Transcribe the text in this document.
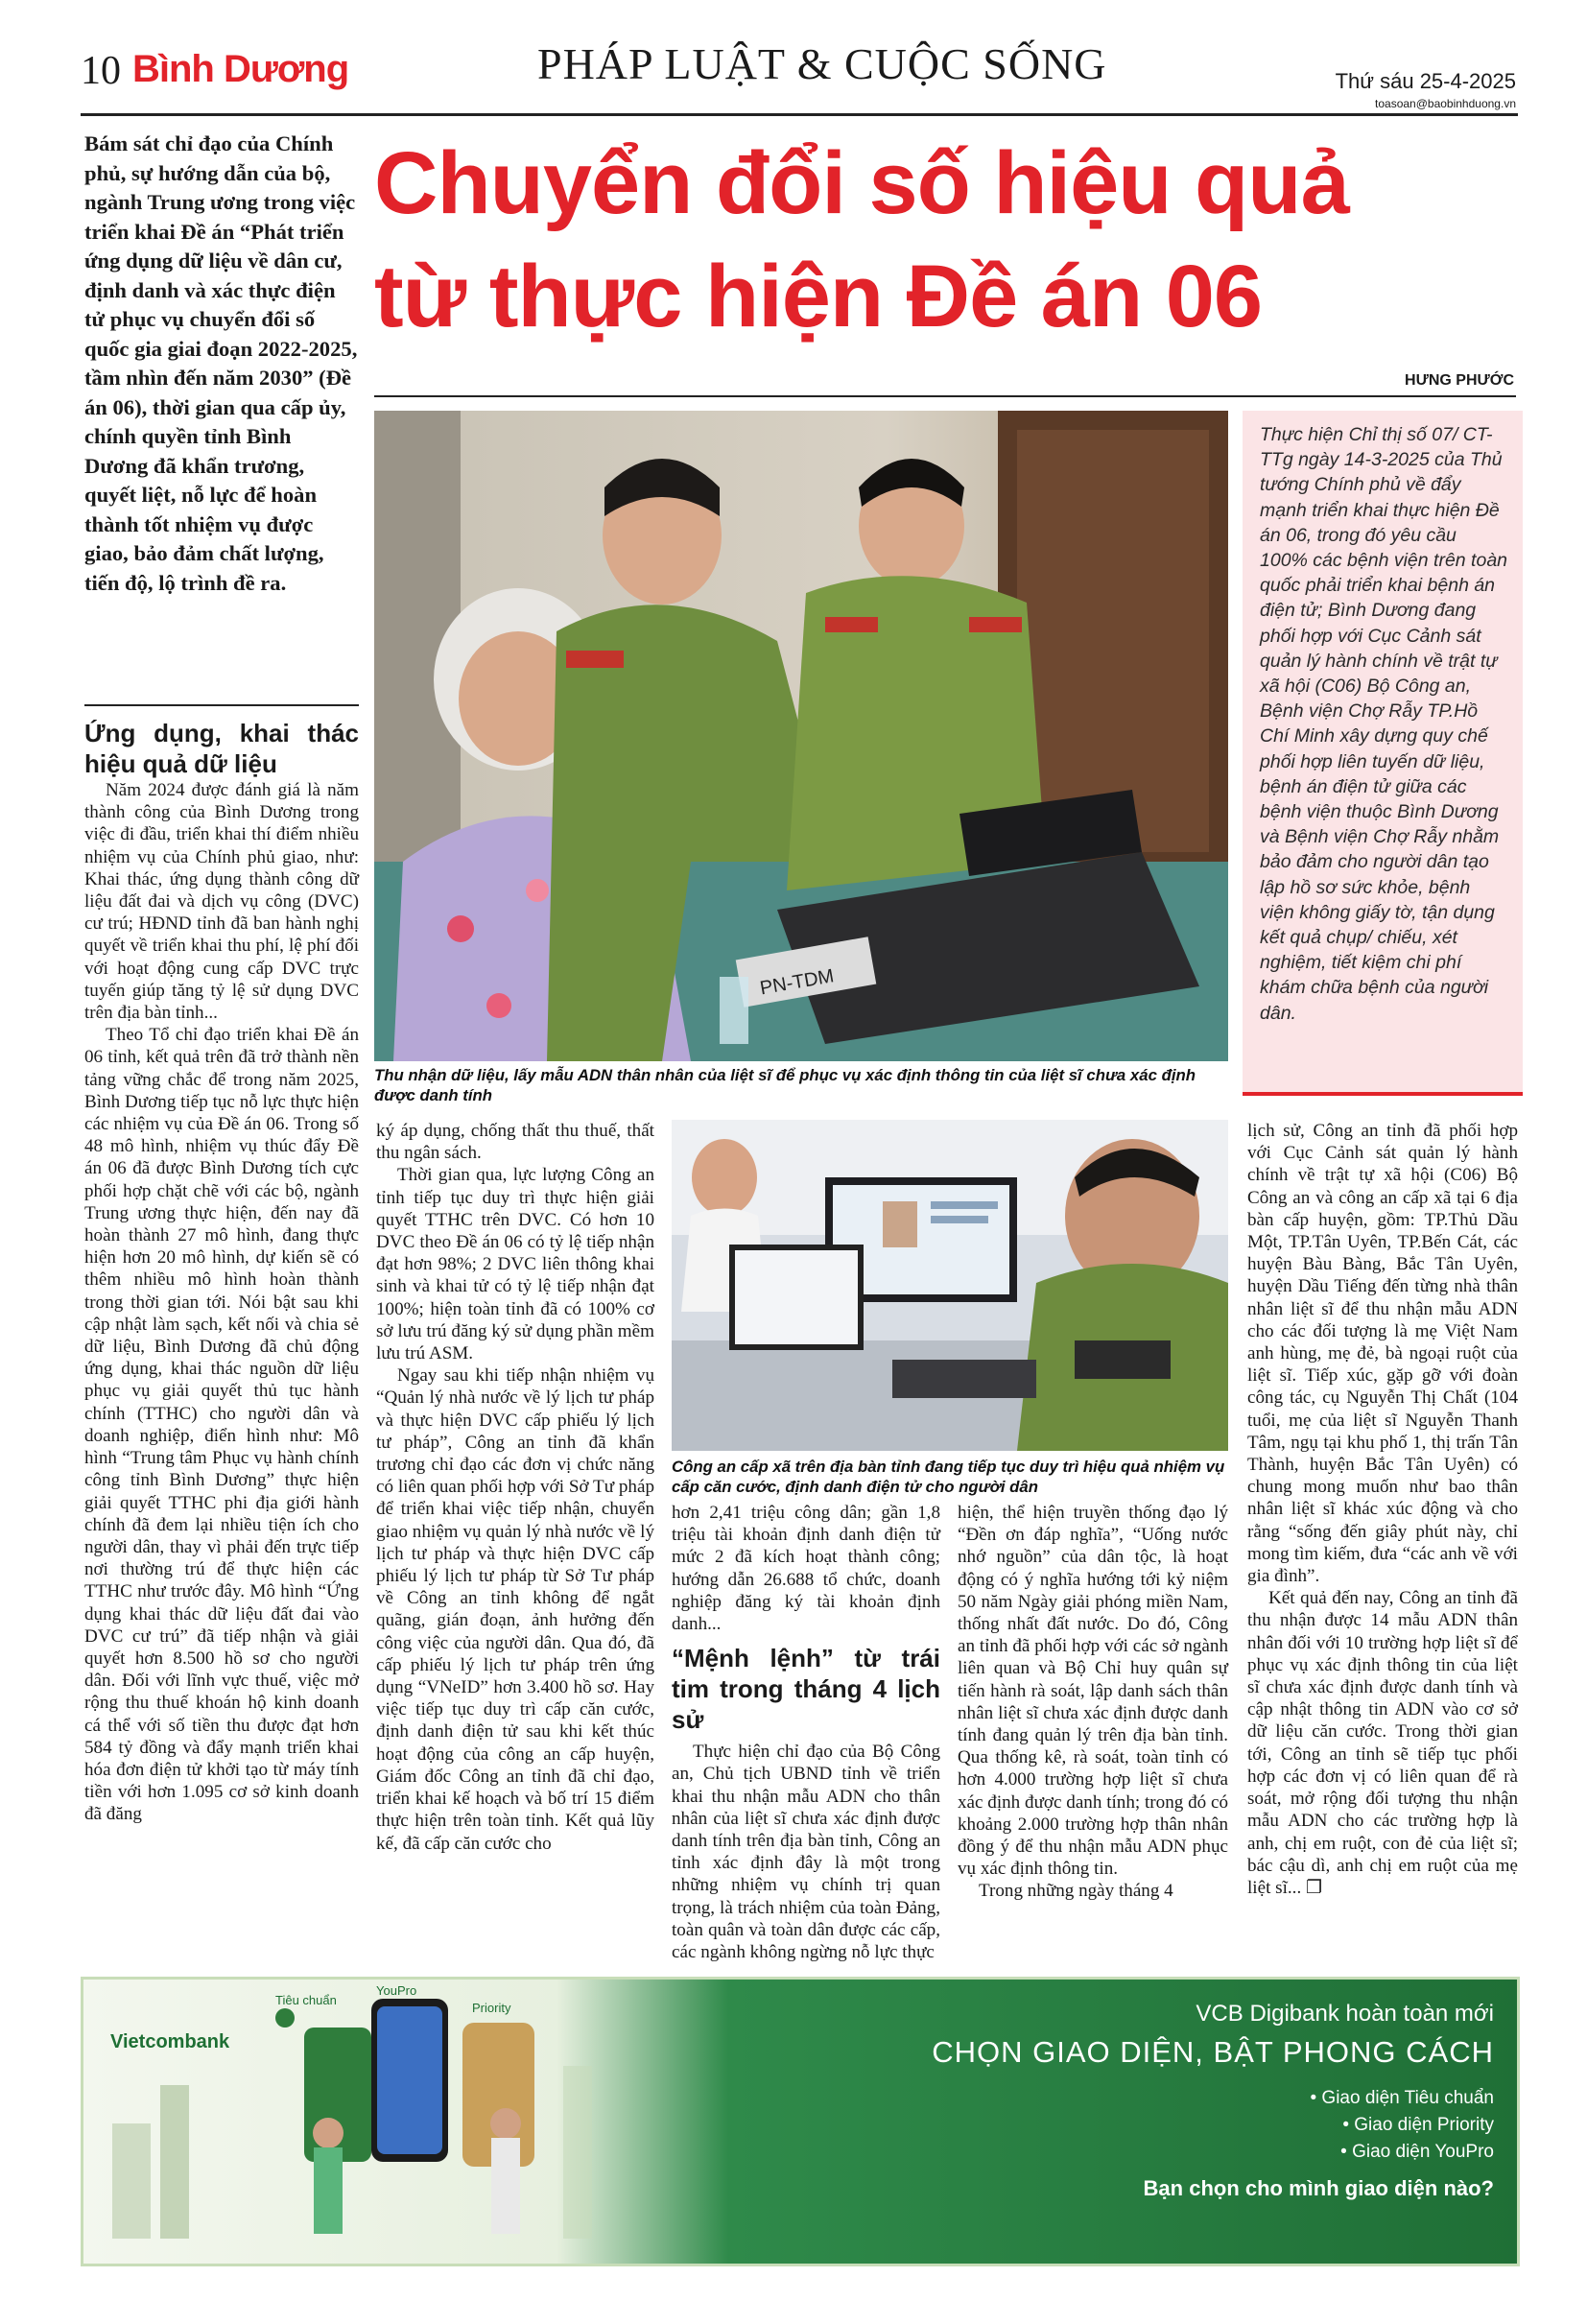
10 Bình Dương	PHÁP LUẬT & CUỘC SỐNG	Thứ sáu 25-4-2025
toasoan@baobinhduong.vn
Bám sát chỉ đạo của Chính phủ, sự hướng dẫn của bộ, ngành Trung ương trong việc triển khai Đề án “Phát triển ứng dụng dữ liệu về dân cư, định danh và xác thực điện tử phục vụ chuyển đổi số quốc gia giai đoạn 2022-2025, tầm nhìn đến năm 2030” (Đề án 06), thời gian qua cấp ủy, chính quyền tỉnh Bình Dương đã khẩn trương, quyết liệt, nỗ lực để hoàn thành tốt nhiệm vụ được giao, bảo đảm chất lượng, tiến độ, lộ trình đề ra.
Chuyển đổi số hiệu quả
từ thực hiện Đề án 06
HƯNG PHƯỚC
PN-TDM
Thu nhận dữ liệu, lấy mẫu ADN thân nhân của liệt sĩ để phục vụ xác định thông tin của liệt sĩ chưa xác định được danh tính
Thực hiện Chỉ thị số 07/ CT-TTg ngày 14-3-2025 của Thủ tướng Chính phủ về đẩy mạnh triển khai thực hiện Đề án 06, trong đó yêu cầu 100% các bệnh viện trên toàn quốc phải triển khai bệnh án điện tử; Bình Dương đang phối hợp với Cục Cảnh sát quản lý hành chính về trật tự xã hội (C06) Bộ Công an, Bệnh viện Chợ Rẫy TP.Hồ Chí Minh xây dựng quy chế phối hợp liên tuyến dữ liệu, bệnh án điện tử giữa các bệnh viện thuộc Bình Dương và Bệnh viện Chợ Rẫy nhằm bảo đảm cho người dân tạo lập hồ sơ sức khỏe, bệnh viện không giấy tờ, tận dụng kết quả chụp/ chiếu, xét nghiệm, tiết kiệm chi phí khám chữa bệnh của người dân.
Công an cấp xã trên địa bàn tỉnh đang tiếp tục duy trì hiệu quả nhiệm vụ cấp căn cước, định danh điện tử cho người dân
Ứng dụng, khai thác hiệu quả dữ liệu

Năm 2024 được đánh giá là năm thành công của Bình Dương trong việc đi đầu, triển khai thí điểm nhiều nhiệm vụ của Chính phủ giao, như: Khai thác, ứng dụng thành công dữ liệu đất đai và dịch vụ công (DVC) cư trú; HĐND tỉnh đã ban hành nghị quyết về triển khai thu phí, lệ phí đối với hoạt động cung cấp DVC trực tuyến giúp tăng tỷ lệ sử dụng DVC trên địa bàn tỉnh...

Theo Tổ chỉ đạo triển khai Đề án 06 tỉnh, kết quả trên đã trở thành nền tảng vững chắc để trong năm 2025, Bình Dương tiếp tục nỗ lực thực hiện các nhiệm vụ của Đề án 06. Trong số 48 mô hình, nhiệm vụ thúc đẩy Đề án 06 đã được Bình Dương tích cực phối hợp chặt chẽ với các bộ, ngành Trung ương thực hiện, đến nay đã hoàn thành 27 mô hình, đang thực hiện hơn 20 mô hình, dự kiến sẽ có thêm nhiều mô hình hoàn thành trong thời gian tới. Nói bật sau khi cập nhật làm sạch, kết nối và chia sẻ dữ liệu, Bình Dương đã chủ động ứng dụng, khai thác nguồn dữ liệu phục vụ giải quyết thủ tục hành chính (TTHC) cho người dân và doanh nghiệp, điển hình như: Mô hình “Trung tâm Phục vụ hành chính công tỉnh Bình Dương” thực hiện giải quyết TTHC phi địa giới hành chính đã đem lại nhiều tiện ích cho người dân, thay vì phải đến trực tiếp nơi thường trú để thực hiện các TTHC như trước đây. Mô hình “Ứng dụng khai thác dữ liệu đất đai vào DVC cư trú” đã tiếp nhận và giải quyết hơn 8.500 hồ sơ cho người dân. Đối với lĩnh vực thuế, việc mở rộng thu thuế khoán hộ kinh doanh cá thể với số tiền thu được đạt hơn 584 tỷ đồng và đẩy mạnh triển khai hóa đơn điện tử khởi tạo từ máy tính tiền với hơn 1.095 cơ sở kinh doanh đã đăng

ký áp dụng, chống thất thu thuế, thất thu ngân sách.

Thời gian qua, lực lượng Công an tỉnh tiếp tục duy trì thực hiện giải quyết TTHC trên DVC. Có hơn 10 DVC theo Đề án 06 có tỷ lệ tiếp nhận đạt hơn 98%; 2 DVC liên thông khai sinh và khai tử có tỷ lệ tiếp nhận đạt 100%; hiện toàn tỉnh đã có 100% cơ sở lưu trú đăng ký sử dụng phần mềm lưu trú ASM.

Ngay sau khi tiếp nhận nhiệm vụ “Quản lý nhà nước về lý lịch tư pháp và thực hiện DVC cấp phiếu lý lịch tư pháp”, Công an tỉnh đã khẩn trương chỉ đạo các đơn vị chức năng có liên quan phối hợp với Sở Tư pháp để triển khai việc tiếp nhận, chuyển giao nhiệm vụ quản lý nhà nước về lý lịch tư pháp và thực hiện DVC cấp phiếu lý lịch tư pháp từ Sở Tư pháp về Công an tỉnh không để ngắt quãng, gián đoạn, ảnh hưởng đến công việc của người dân. Qua đó, đã cấp phiếu lý lịch tư pháp trên ứng dụng “VNeID” hơn 3.400 hồ sơ. Hay việc tiếp tục duy trì cấp căn cước, định danh điện tử sau khi kết thúc hoạt động của công an cấp huyện, Giám đốc Công an tỉnh đã chỉ đạo, triển khai kế hoạch và bố trí 15 điểm thực hiện trên toàn tỉnh. Kết quả lũy kế, đã cấp căn cước cho

hơn 2,41 triệu công dân; gần 1,8 triệu tài khoản định danh điện tử mức 2 đã kích hoạt thành công; hướng dẫn 26.688 tổ chức, doanh nghiệp đăng ký tài khoản định danh...

“Mệnh lệnh” từ trái tim trong tháng 4 lịch sử

Thực hiện chỉ đạo của Bộ Công an, Chủ tịch UBND tỉnh về triển khai thu nhận mẫu ADN cho thân nhân của liệt sĩ chưa xác định được danh tính trên địa bàn tỉnh, Công an tỉnh xác định đây là một trong những nhiệm vụ chính trị quan trọng, là trách nhiệm của toàn Đảng, toàn quân và toàn dân được các cấp, các ngành không ngừng nỗ lực thực

hiện, thể hiện truyền thống đạo lý “Đền ơn đáp nghĩa”, “Uống nước nhớ nguồn” của dân tộc, là hoạt động có ý nghĩa hướng tới kỷ niệm 50 năm Ngày giải phóng miền Nam, thống nhất đất nước. Do đó, Công an tỉnh đã phối hợp với các sở ngành liên quan và Bộ Chỉ huy quân sự tiến hành rà soát, lập danh sách thân nhân liệt sĩ chưa xác định được danh tính đang quản lý trên địa bàn tỉnh. Qua thống kê, rà soát, toàn tỉnh có hơn 4.000 trường hợp liệt sĩ chưa xác định được danh tính; trong đó có khoảng 2.000 trường hợp thân nhân đồng ý để thu nhận mẫu ADN phục vụ xác định thông tin.

Trong những ngày tháng 4

lịch sử, Công an tỉnh đã phối hợp với Cục Cảnh sát quản lý hành chính về trật tự xã hội (C06) Bộ Công an và công an cấp xã tại 6 địa bàn cấp huyện, gồm: TP.Thủ Dầu Một, TP.Tân Uyên, TP.Bến Cát, các huyện Bàu Bàng, Bắc Tân Uyên, huyện Dầu Tiếng đến từng nhà thân nhân liệt sĩ để thu nhận mẫu ADN cho các đối tượng là mẹ Việt Nam anh hùng, mẹ đẻ, bà ngoại ruột của liệt sĩ. Tiếp xúc, gặp gỡ với đoàn công tác, cụ Nguyễn Thị Chất (104 tuổi, mẹ của liệt sĩ Nguyễn Thanh Tâm, ngụ tại khu phố 1, thị trấn Tân Thành, huyện Bắc Tân Uyên) có chung mong muốn như bao thân nhân liệt sĩ khác xúc động và cho rằng “sống đến giây phút này, chỉ mong tìm kiếm, đưa “các anh về với gia đình”.

Kết quả đến nay, Công an tỉnh đã thu nhận được 14 mẫu ADN thân nhân đối với 10 trường hợp liệt sĩ để phục vụ xác định thông tin của liệt sĩ chưa xác định được danh tính và cập nhật thông tin ADN vào cơ sở dữ liệu căn cước. Trong thời gian tới, Công an tỉnh sẽ tiếp tục phối hợp các đơn vị có liên quan để rà soát, mở rộng đối tượng thu nhận mẫu ADN cho các trường hợp là anh, chị em ruột, con đẻ của liệt sĩ; bác cậu dì, anh chị em ruột của mẹ liệt sĩ... ❐

Vietcombank
Tiêu chuẩn
YouPro
Priority	VCB Digibank hoàn toàn mới
CHỌN GIAO DIỆN, BẬT PHONG CÁCH
• Giao diện Tiêu chuẩn
• Giao diện Priority
• Giao diện YouPro
Bạn chọn cho mình giao diện nào?
